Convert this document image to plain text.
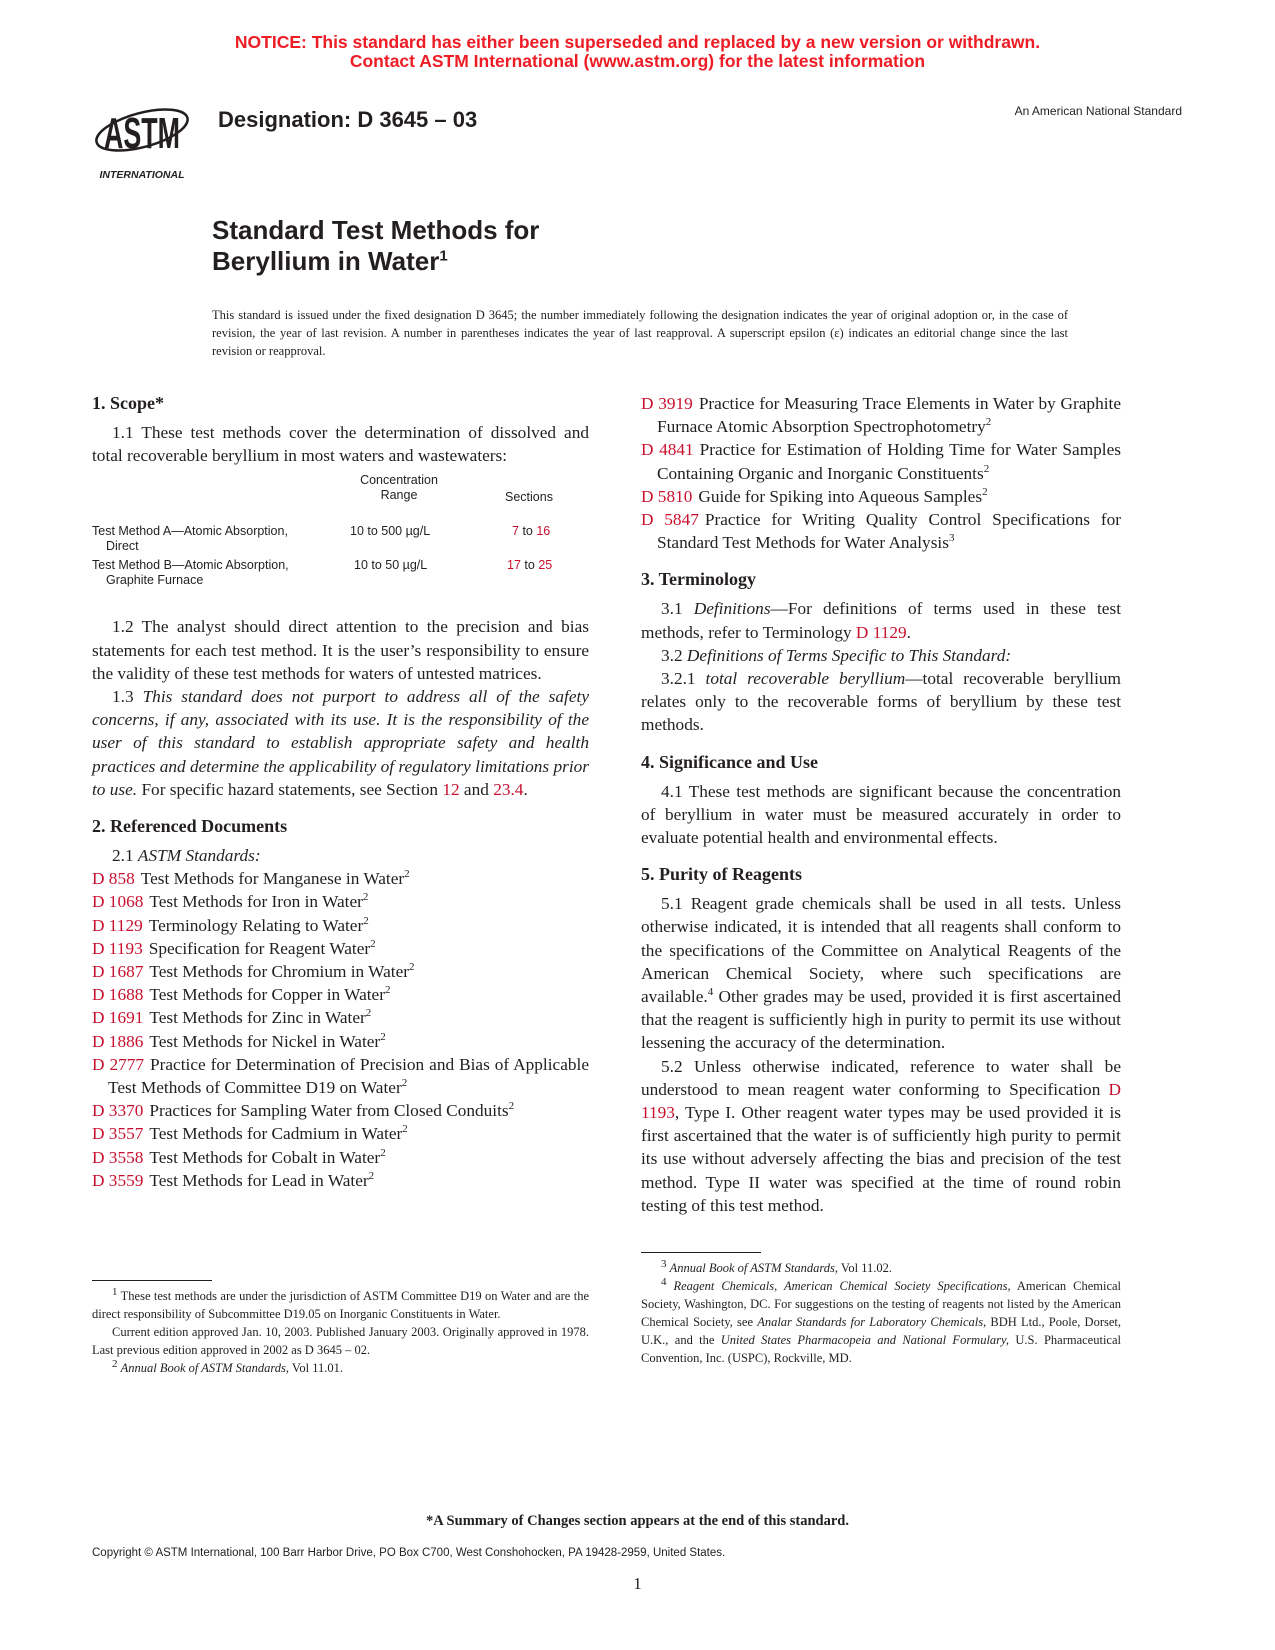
NOTICE: This standard has either been superseded and replaced by a new version or withdrawn.
Contact ASTM International (www.astm.org) for the latest information
ASTM
INTERNATIONAL
Designation: D 3645 – 03	An American National Standard
Standard Test Methods for
Beryllium in Water$^1$
This standard is issued under the fixed designation D 3645; the number immediately following the designation indicates the year of original adoption or, in the case of revision, the year of last revision. A number in parentheses indicates the year of last reapproval. A superscript epsilon (ε) indicates an editorial change since the last revision or reapproval.
1. Scope*

1.1 These test methods cover the determination of dissolved and total recoverable beryllium in most waters and wastewaters:

Concentration
Range	Sections
Test Method A—Atomic Absorption,
Direct
10 to 500 µg/L	7 to 16
Test Method B—Atomic Absorption,
Graphite Furnace
10 to 50 µg/L	17 to 25

1.2 The analyst should direct attention to the precision and bias statements for each test method. It is the user’s responsibility to ensure the validity of these test methods for waters of untested matrices.

1.3 This standard does not purport to address all of the safety concerns, if any, associated with its use. It is the responsibility of the user of this standard to establish appropriate safety and health practices and determine the applicability of regulatory limitations prior to use. For specific hazard statements, see Section 12 and 23.4.

2. Referenced Documents

2.1 ASTM Standards:

D 858 Test Methods for Manganese in Water$^2$

D 1068 Test Methods for Iron in Water$^2$

D 1129 Terminology Relating to Water$^2$

D 1193 Specification for Reagent Water$^2$

D 1687 Test Methods for Chromium in Water$^2$

D 1688 Test Methods for Copper in Water$^2$

D 1691 Test Methods for Zinc in Water$^2$

D 1886 Test Methods for Nickel in Water$^2$

D 2777 Practice for Determination of Precision and Bias of Applicable Test Methods of Committee D19 on Water$^2$

D 3370 Practices for Sampling Water from Closed Conduits$^2$

D 3557 Test Methods for Cadmium in Water$^2$

D 3558 Test Methods for Cobalt in Water$^2$

D 3559 Test Methods for Lead in Water$^2$

$^1$ These test methods are under the jurisdiction of ASTM Committee D19 on Water and are the direct responsibility of Subcommittee D19.05 on Inorganic Constituents in Water.

Current edition approved Jan. 10, 2003. Published January 2003. Originally approved in 1978. Last previous edition approved in 2002 as D 3645 – 02.

$^2$ Annual Book of ASTM Standards, Vol 11.01.

D 3919 Practice for Measuring Trace Elements in Water by Graphite Furnace Atomic Absorption Spectrophotometry$^2$

D 4841 Practice for Estimation of Holding Time for Water Samples Containing Organic and Inorganic Constituents$^2$

D 5810 Guide for Spiking into Aqueous Samples$^2$

D 5847 Practice for Writing Quality Control Specifications for Standard Test Methods for Water Analysis$^3$

3. Terminology

3.1 Definitions—For definitions of terms used in these test methods, refer to Terminology D 1129.

3.2 Definitions of Terms Specific to This Standard:

3.2.1 total recoverable beryllium—total recoverable beryllium relates only to the recoverable forms of beryllium by these test methods.

4. Significance and Use

4.1 These test methods are significant because the concentration of beryllium in water must be measured accurately in order to evaluate potential health and environmental effects.

5. Purity of Reagents

5.1 Reagent grade chemicals shall be used in all tests. Unless otherwise indicated, it is intended that all reagents shall conform to the specifications of the Committee on Analytical Reagents of the American Chemical Society, where such specifications are available.$^4$ Other grades may be used, provided it is first ascertained that the reagent is sufficiently high in purity to permit its use without lessening the accuracy of the determination.

5.2 Unless otherwise indicated, reference to water shall be understood to mean reagent water conforming to Specification D 1193, Type I. Other reagent water types may be used provided it is first ascertained that the water is of sufficiently high purity to permit its use without adversely affecting the bias and precision of the test method. Type II water was specified at the time of round robin testing of this test method.

$^3$ Annual Book of ASTM Standards, Vol 11.02.

$^4$ Reagent Chemicals, American Chemical Society Specifications, American Chemical Society, Washington, DC. For suggestions on the testing of reagents not listed by the American Chemical Society, see Analar Standards for Laboratory Chemicals, BDH Ltd., Poole, Dorset, U.K., and the United States Pharmacopeia and National Formulary, U.S. Pharmaceutical Convention, Inc. (USPC), Rockville, MD.

*A Summary of Changes section appears at the end of this standard.
Copyright © ASTM International, 100 Barr Harbor Drive, PO Box C700, West Conshohocken, PA 19428-2959, United States.
1
